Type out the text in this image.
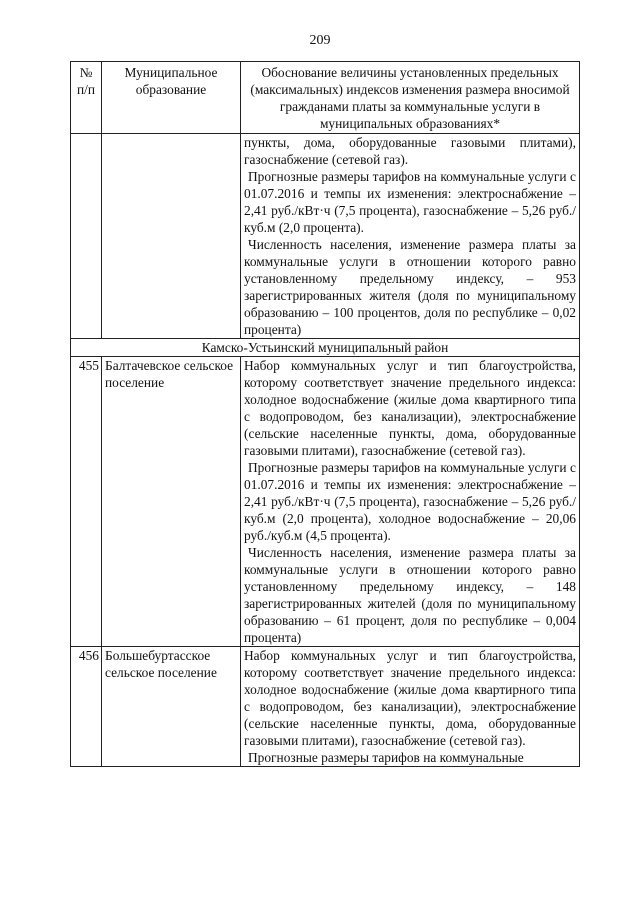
209
№ п/п	Муниципальное образование	Обоснование величины установленных предельных (максимальных) индексов изменения размера вносимой гражданами платы за коммунальные услуги в муниципальных образованиях*

		пункты, дома, оборудованные газовыми плитами), газоснабжение (сетевой газ).

Прогнозные размеры тарифов на коммунальные услуги с 01.07.2016 и темпы их изменения: электроснабжение – 2,41 руб./кВт·ч (7,5 процента), газоснабжение – 5,26 руб./куб.м (2,0 процента).

Численность населения, изменение размера платы за коммунальные услуги в отношении которого равно установленному предельному индексу, – 953 зарегистрированных жителя (доля по муниципальному образованию – 100 процентов, доля по республике – 0,02 процента)

Камско-Устьинский муниципальный район		
455	Балтачевское сельское поселение	Набор коммунальных услуг и тип благоустройства, которому соответствует значение предельного индекса: холодное водоснабжение (жилые дома квартирного типа с водопроводом, без канализации), электроснабжение (сельские населенные пункты, дома, оборудованные газовыми плитами), газоснабжение (сетевой газ).

Прогнозные размеры тарифов на коммунальные услуги с 01.07.2016 и темпы их изменения: электроснабжение – 2,41 руб./кВт·ч (7,5 процента), газоснабжение – 5,26 руб./куб.м (2,0 процента), холодное водоснабжение – 20,06 руб./куб.м (4,5 процента).

Численность населения, изменение размера платы за коммунальные услуги в отношении которого равно установленному предельному индексу, – 148 зарегистрированных жителей (доля по муниципальному образованию – 61 процент, доля по республике – 0,004 процента)

456	Большебуртасское сельское поселение	Набор коммунальных услуг и тип благоустройства, которому соответствует значение предельного индекса: холодное водоснабжение (жилые дома квартирного типа с водопроводом, без канализации), электроснабжение (сельские населенные пункты, дома, оборудованные газовыми плитами), газоснабжение (сетевой газ).

Прогнозные размеры тарифов на коммунальные
